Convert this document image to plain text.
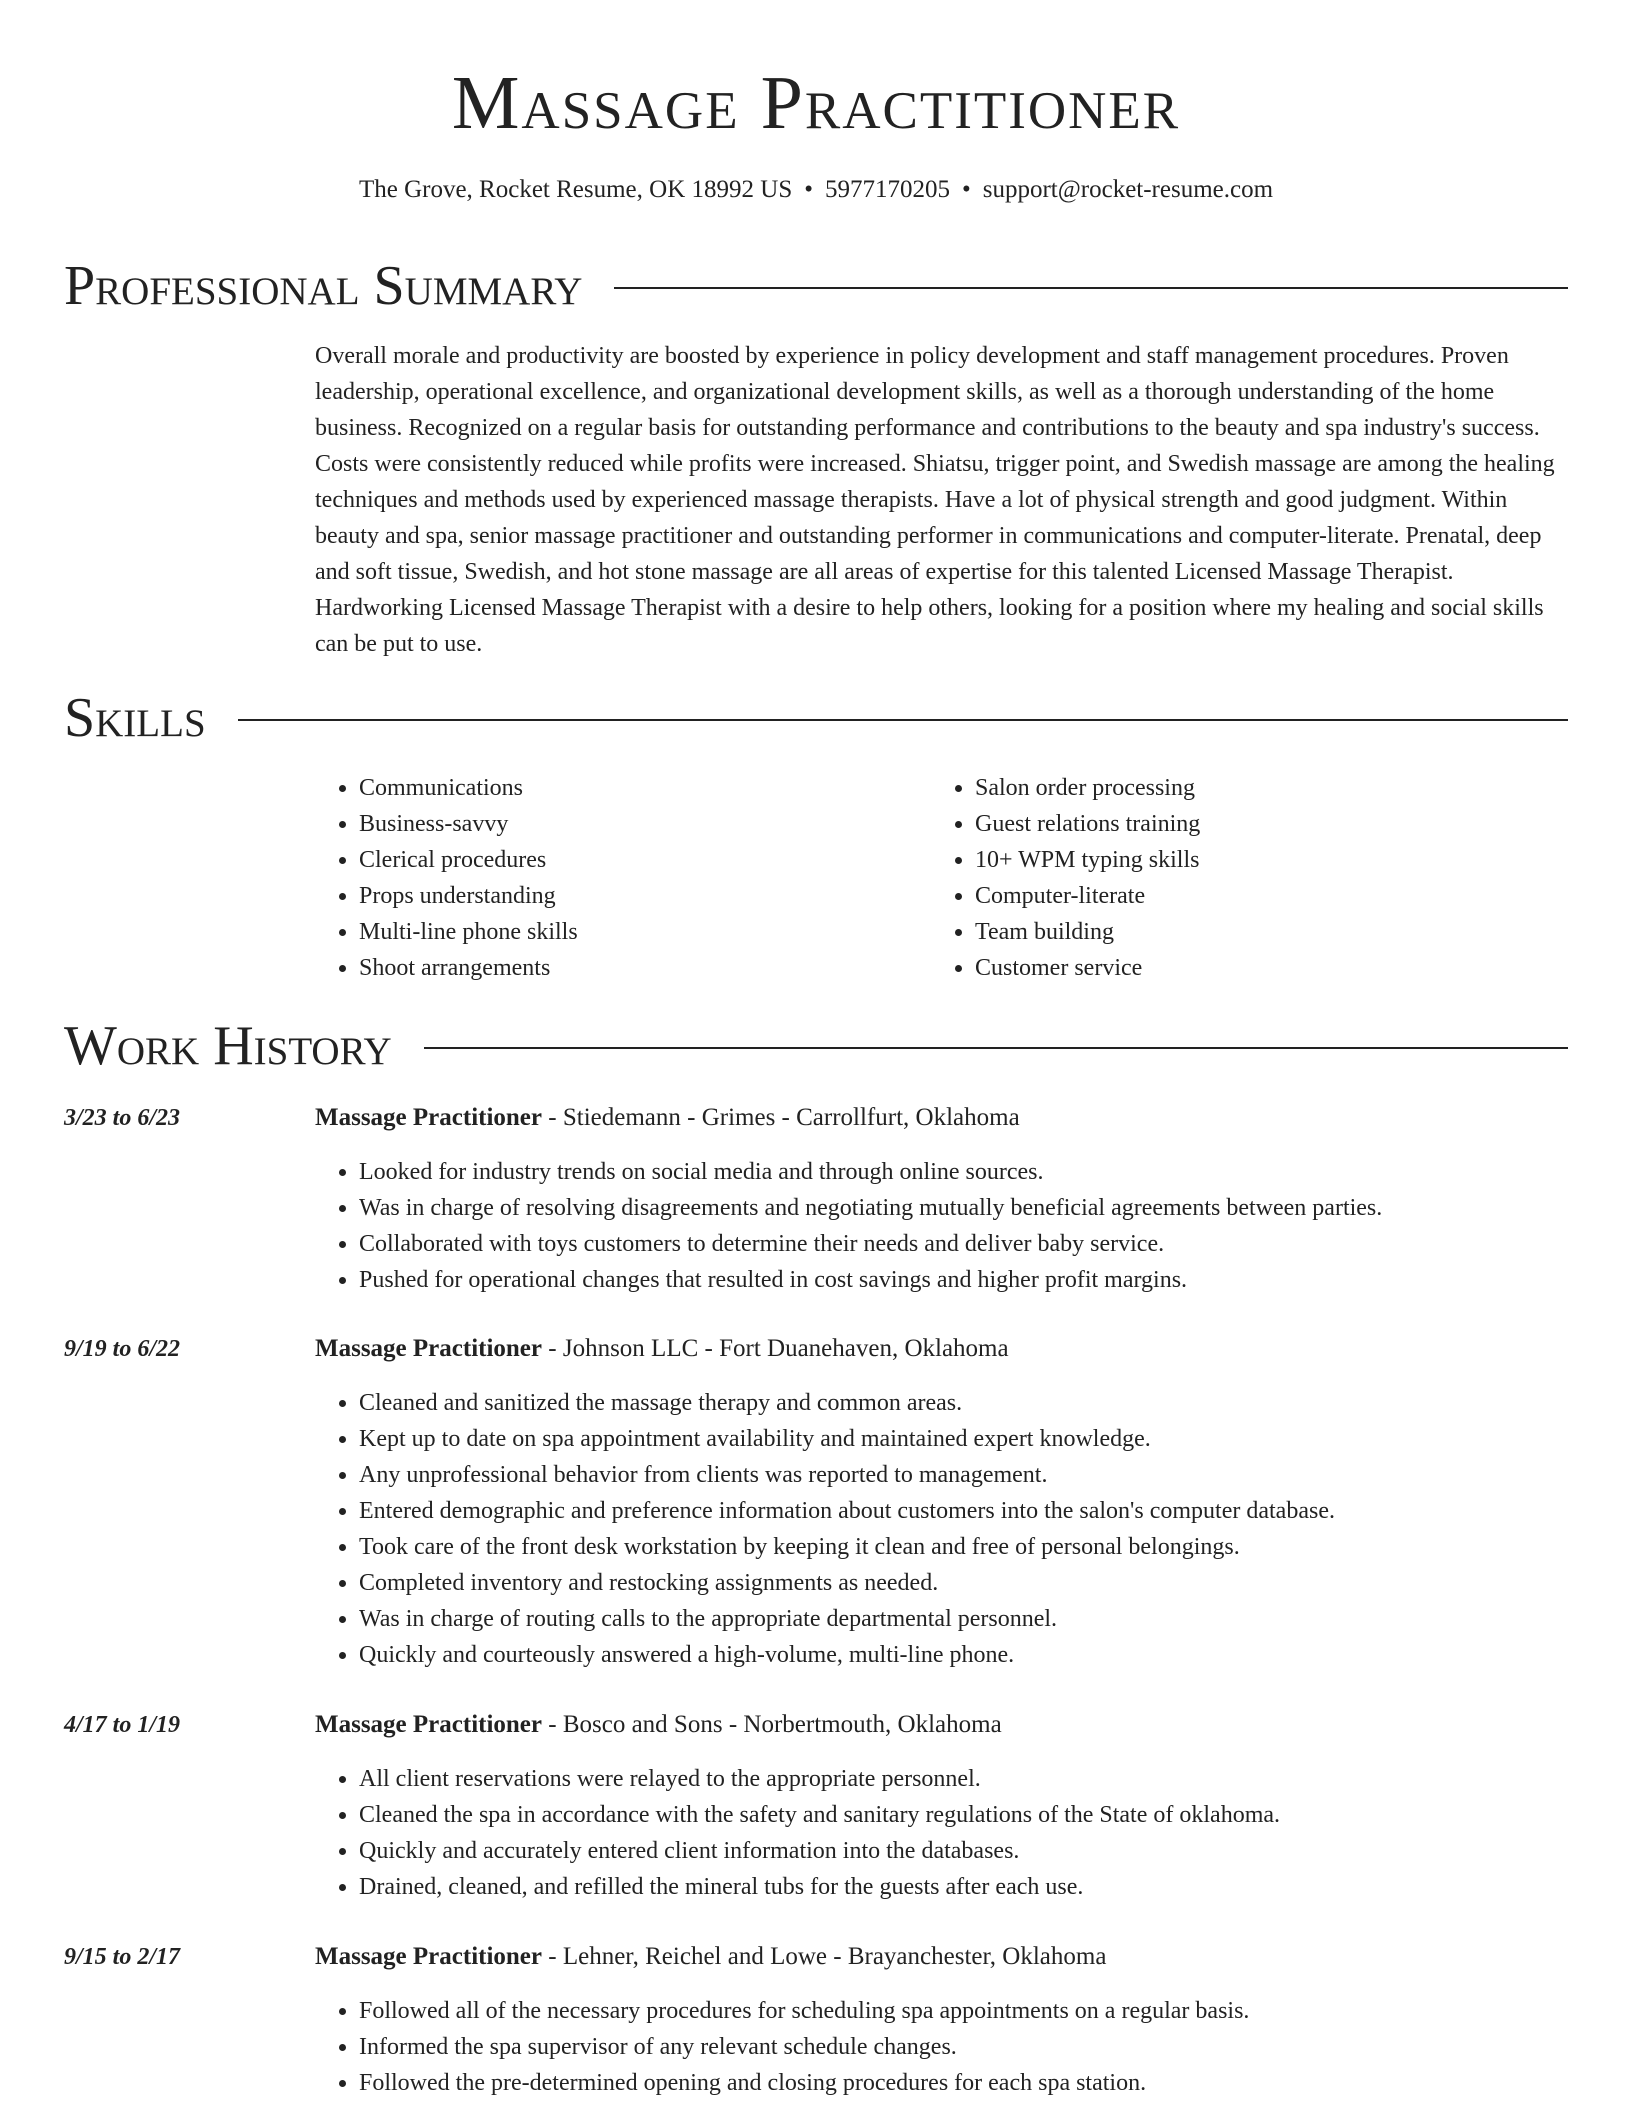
Massage Practitioner
The Grove, Rocket Resume, OK 18992 US • 5977170205 • support@rocket-resume.com
Professional Summary

Overall morale and productivity are boosted by experience in policy development and staff management procedures. Proven leadership, operational excellence, and organizational development skills, as well as a thorough understanding of the home business. Recognized on a regular basis for outstanding performance and contributions to the beauty and spa industry's success. Costs were consistently reduced while profits were increased. Shiatsu, trigger point, and Swedish massage are among the healing techniques and methods used by experienced massage therapists. Have a lot of physical strength and good judgment. Within beauty and spa, senior massage practitioner and outstanding performer in communications and computer-literate. Prenatal, deep and soft tissue, Swedish, and hot stone massage are all areas of expertise for this talented Licensed Massage Therapist. Hardworking Licensed Massage Therapist with a desire to help others, looking for a position where my healing and social skills can be put to use.

Skills
• Communications
• Business-savvy
• Clerical procedures
• Props understanding
• Multi-line phone skills
• Shoot arrangements
• Salon order processing
• Guest relations training
• 10+ WPM typing skills
• Computer-literate
• Team building
• Customer service
Work History
3/23 to 6/23	Massage Practitioner - Stiedemann - Grimes - Carrollfurt, Oklahoma
• Looked for industry trends on social media and through online sources.
• Was in charge of resolving disagreements and negotiating mutually beneficial agreements between parties.
• Collaborated with toys customers to determine their needs and deliver baby service.
• Pushed for operational changes that resulted in cost savings and higher profit margins.
9/19 to 6/22	Massage Practitioner - Johnson LLC - Fort Duanehaven, Oklahoma
• Cleaned and sanitized the massage therapy and common areas.
• Kept up to date on spa appointment availability and maintained expert knowledge.
• Any unprofessional behavior from clients was reported to management.
• Entered demographic and preference information about customers into the salon's computer database.
• Took care of the front desk workstation by keeping it clean and free of personal belongings.
• Completed inventory and restocking assignments as needed.
• Was in charge of routing calls to the appropriate departmental personnel.
• Quickly and courteously answered a high-volume, multi-line phone.
4/17 to 1/19	Massage Practitioner - Bosco and Sons - Norbertmouth, Oklahoma
• All client reservations were relayed to the appropriate personnel.
• Cleaned the spa in accordance with the safety and sanitary regulations of the State of oklahoma.
• Quickly and accurately entered client information into the databases.
• Drained, cleaned, and refilled the mineral tubs for the guests after each use.
9/15 to 2/17	Massage Practitioner - Lehner, Reichel and Lowe - Brayanchester, Oklahoma
• Followed all of the necessary procedures for scheduling spa appointments on a regular basis.
• Informed the spa supervisor of any relevant schedule changes.
• Followed the pre-determined opening and closing procedures for each spa station.
